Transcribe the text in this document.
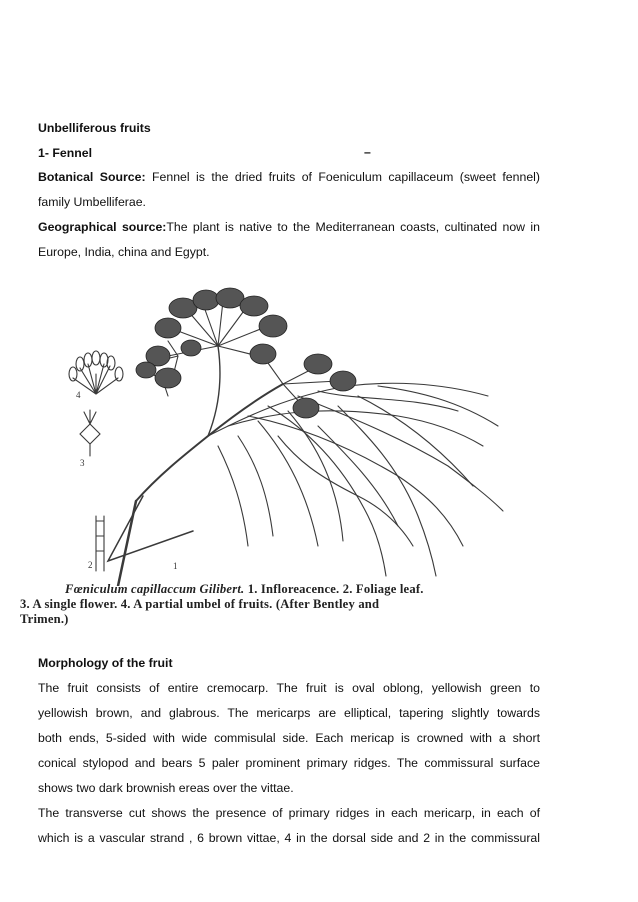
Unbelliferous fruits
1- Fennel	–
Botanical Source: Fennel is the dried fruits of Foeniculum capillaceum (sweet fennel)
family Umbelliferae.
Geographical source:The plant is native to the Mediterranean coasts, cultinated now in
Europe, India, china and Egypt.
4
3
2	1
Fœniculum capillaccum Gilibert. 1. Infloreacence. 2. Foliage leaf.
3. A single flower. 4. A partial umbel of fruits. (After Bentley and
Trimen.)
Morphology of the fruit
The fruit consists of entire cremocarp. The fruit is oval oblong, yellowish green to
yellowish brown, and glabrous. The mericarps are elliptical, tapering slightly towards
both ends, 5-sided with wide commisulal side. Each mericap is crowned with a short
conical stylopod and bears 5 paler prominent primary ridges. The commissural surface
shows two dark brownish ereas over the vittae.
The transverse cut shows the presence of primary ridges in each mericarp, in each of
which is a vascular strand , 6 brown vittae, 4 in the dorsal side and 2 in the commissural
